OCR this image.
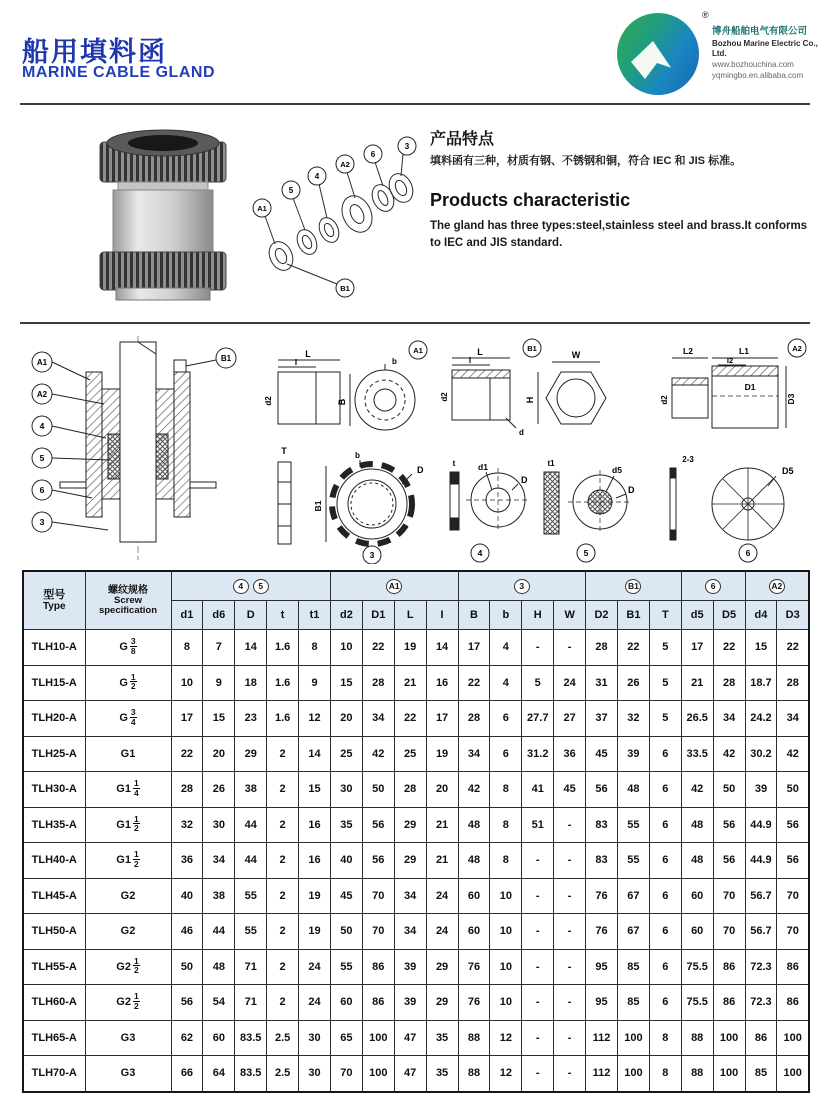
船用填料函
MARINE CABLE GLAND
®
博舟船舶电气有限公司
Bozhou Marine Electric Co., Ltd.
www.bozhouchina.com
yqmingbo.en.alibaba.com
3
6
A2
4
5
A1
B1
产品特点
填料函有三种，材质有钢、不锈钢和铜，符合 IEC 和 JIS 标准。
Products characteristic
The gland has three types:steel,stainless steel and brass.It conforms to IEC and JIS standard.
A1
A2
4
5
6
3
B1
A1
L
I
d2
b
B
T	b
D
B1
3
B1
L
I
d2
d
W
H
t	d1
D
4
t1
d5
D
5
A2
L2	L1
I2
d2
D1
D3
2-3
D5
6
型号
Type

螺纹规格
Screw specification
	4 5	A1	3	B1	6	A2
		d1	d6	D	t	t1	d2	D1	L	I	B	b	H	W	D2	B1	T	d5	D5	d4	D3
TLH10-A	G $\frac{3}{8}$	8	7	14	1.6	8	10	22	19	14	17	4	-	-	28	22	5	17	22	15	22
TLH15-A	G $\frac{1}{2}$	10	9	18	1.6	9	15	28	21	16	22	4	5	24	31	26	5	21	28	18.7	28
TLH20-A	G $\frac{3}{4}$	17	15	23	1.6	12	20	34	22	17	28	6	27.7	27	37	32	5	26.5	34	24.2	34
TLH25-A	G1	22	20	29	2	14	25	42	25	19	34	6	31.2	36	45	39	6	33.5	42	30.2	42
TLH30-A	$G1 \frac{1}{4}$	28	26	38	2	15	30	50	28	20	42	8	41	45	56	48	6	42	50	39	50
TLH35-A	$G1 \frac{1}{2}$	32	30	44	2	16	35	56	29	21	48	8	51	-	83	55	6	48	56	44.9	56
TLH40-A	$G1 \frac{1}{2}$	36	34	44	2	16	40	56	29	21	48	8	-	-	83	55	6	48	56	44.9	56
TLH45-A	G2	40	38	55	2	19	45	70	34	24	60	10	-	-	76	67	6	60	70	56.7	70
TLH50-A	G2	46	44	55	2	19	50	70	34	24	60	10	-	-	76	67	6	60	70	56.7	70
TLH55-A	$G2 \frac{1}{2}$	50	48	71	2	24	55	86	39	29	76	10	-	-	95	85	6	75.5	86	72.3	86
TLH60-A	$G2 \frac{1}{2}$	56	54	71	2	24	60	86	39	29	76	10	-	-	95	85	6	75.5	86	72.3	86
TLH65-A	G3	62	60	83.5	2.5	30	65	100	47	35	88	12	-	-	112	100	8	88	100	86	100
TLH70-A	G3	66	64	83.5	2.5	30	70	100	47	35	88	12	-	-	112	100	8	88	100	85	100
